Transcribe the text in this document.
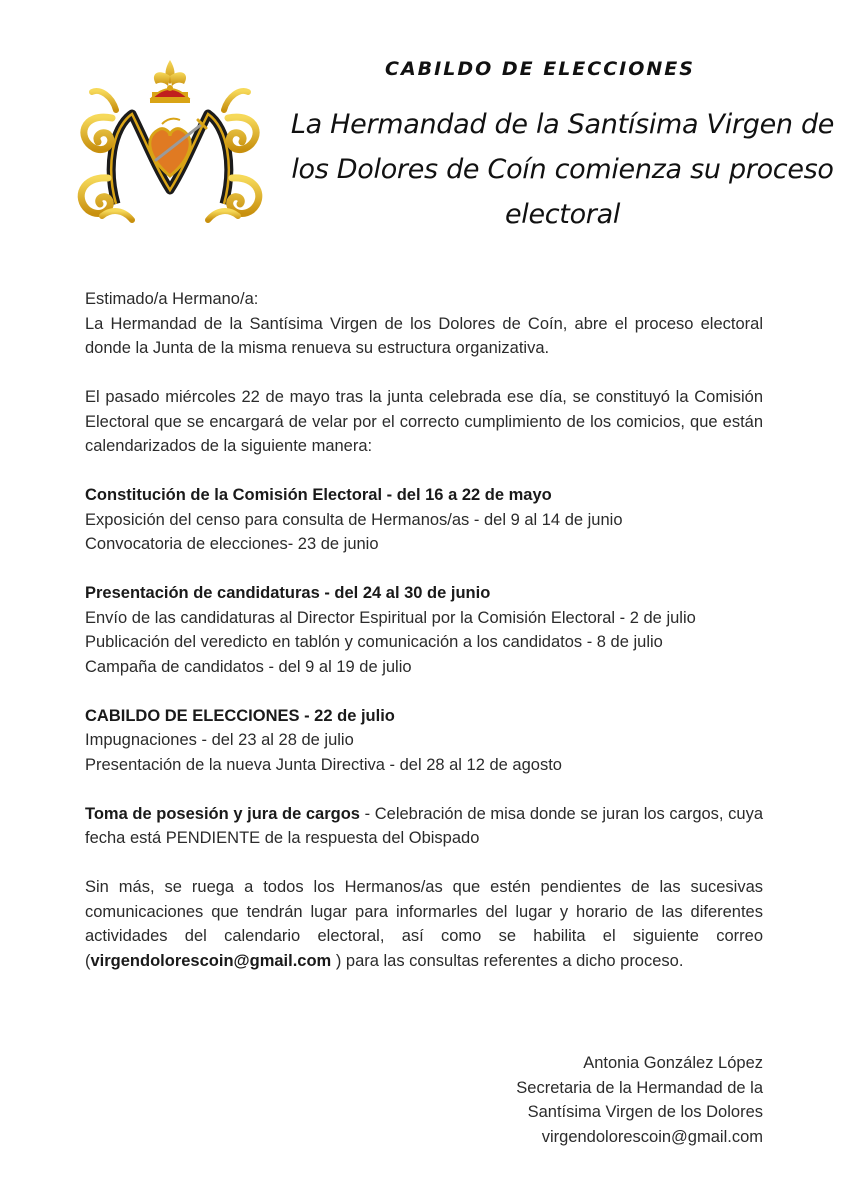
CABILDO DE ELECCIONES
La Hermandad de la Santísima Virgen de los Dolores de Coín comienza su proceso electoral

Estimado/a Hermano/a:

La Hermandad de la Santísima Virgen de los Dolores de Coín, abre el proceso electoral donde la Junta de la misma renueva su estructura organizativa.

El pasado miércoles 22 de mayo tras la junta celebrada ese día, se constituyó la Comisión Electoral que se encargará de velar por el correcto cumplimiento de los comicios, que están calendarizados de la siguiente manera:

Constitución de la Comisión Electoral - del 16 a 22 de mayo

Exposición del censo para consulta de Hermanos/as - del 9 al 14 de junio

Convocatoria de elecciones- 23 de junio

Presentación de candidaturas - del 24 al 30 de junio

Envío de las candidaturas al Director Espiritual por la Comisión Electoral - 2 de julio

Publicación del veredicto en tablón y comunicación a los candidatos - 8 de julio

Campaña de candidatos - del 9 al 19 de julio

CABILDO DE ELECCIONES - 22 de julio

Impugnaciones - del 23 al 28 de julio

Presentación de la nueva Junta Directiva - del 28 al 12 de agosto

Toma de posesión y jura de cargos - Celebración de misa donde se juran los cargos, cuya fecha está PENDIENTE de la respuesta del Obispado

Sin más, se ruega a todos los Hermanos/as que estén pendientes de las sucesivas comunicaciones que tendrán lugar para informarles del lugar y horario de las diferentes actividades del calendario electoral, así como se habilita el siguiente correo (virgendolorescoin@gmail.com ) para las consultas referentes a dicho proceso.

Antonia González López

Secretaria de la Hermandad de la

Santísima Virgen de los Dolores

virgendolorescoin@gmail.com
